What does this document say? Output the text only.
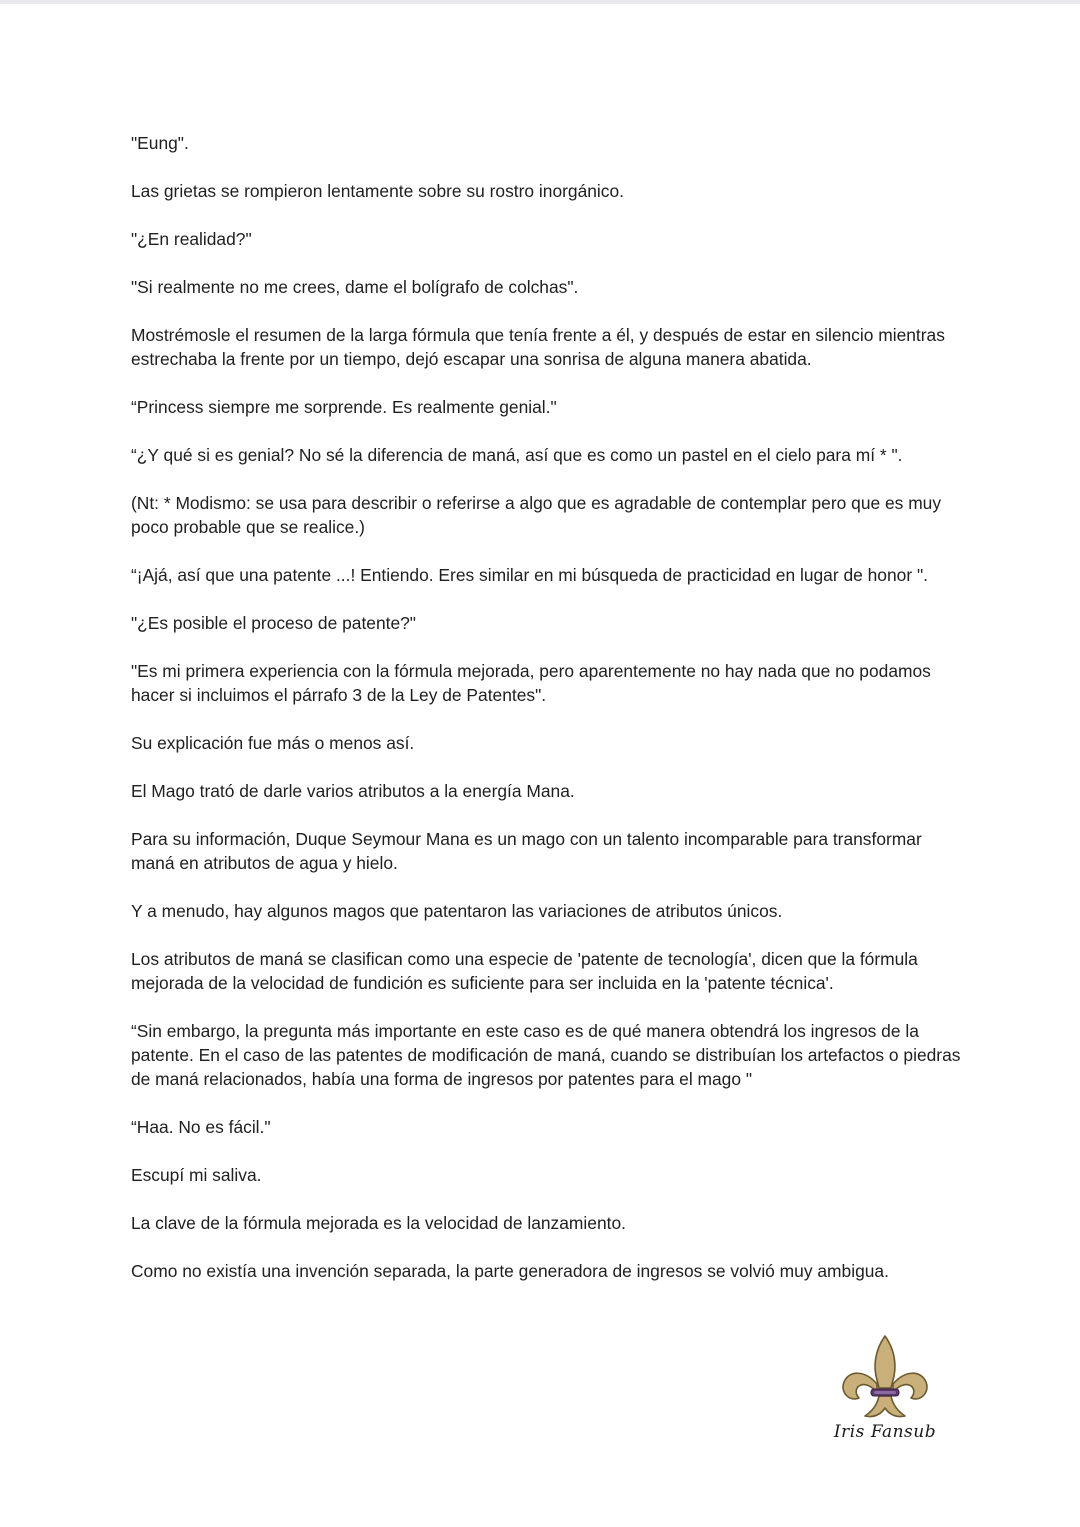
"Eung".

Las grietas se rompieron lentamente sobre su rostro inorgánico.

"¿En realidad?"

"Si realmente no me crees, dame el bolígrafo de colchas".

Mostrémosle el resumen de la larga fórmula que tenía frente a él, y después de estar en silencio mientras estrechaba la frente por un tiempo, dejó escapar una sonrisa de alguna manera abatida.

“Princess siempre me sorprende. Es realmente genial."

“¿Y qué si es genial? No sé la diferencia de maná, así que es como un pastel en el cielo para mí * ".

(Nt: * Modismo: se usa para describir o referirse a algo que es agradable de contemplar pero que es muy poco probable que se realice.)

“¡Ajá, así que una patente ...! Entiendo. Eres similar en mi búsqueda de practicidad en lugar de honor ".

"¿Es posible el proceso de patente?"

"Es mi primera experiencia con la fórmula mejorada, pero aparentemente no hay nada que no podamos hacer si incluimos el párrafo 3 de la Ley de Patentes".

Su explicación fue más o menos así.

El Mago trató de darle varios atributos a la energía Mana.

Para su información, Duque Seymour Mana es un mago con un talento incomparable para transformar maná en atributos de agua y hielo.

Y a menudo, hay algunos magos que patentaron las variaciones de atributos únicos.

Los atributos de maná se clasifican como una especie de 'patente de tecnología', dicen que la fórmula mejorada de la velocidad de fundición es suficiente para ser incluida en la 'patente técnica'.

“Sin embargo, la pregunta más importante en este caso es de qué manera obtendrá los ingresos de la patente. En el caso de las patentes de modificación de maná, cuando se distribuían los artefactos o piedras de maná relacionados, había una forma de ingresos por patentes para el mago "

“Haa. No es fácil."

Escupí mi saliva.

La clave de la fórmula mejorada es la velocidad de lanzamiento.

Como no existía una invención separada, la parte generadora de ingresos se volvió muy ambigua.

Iris Fansub
